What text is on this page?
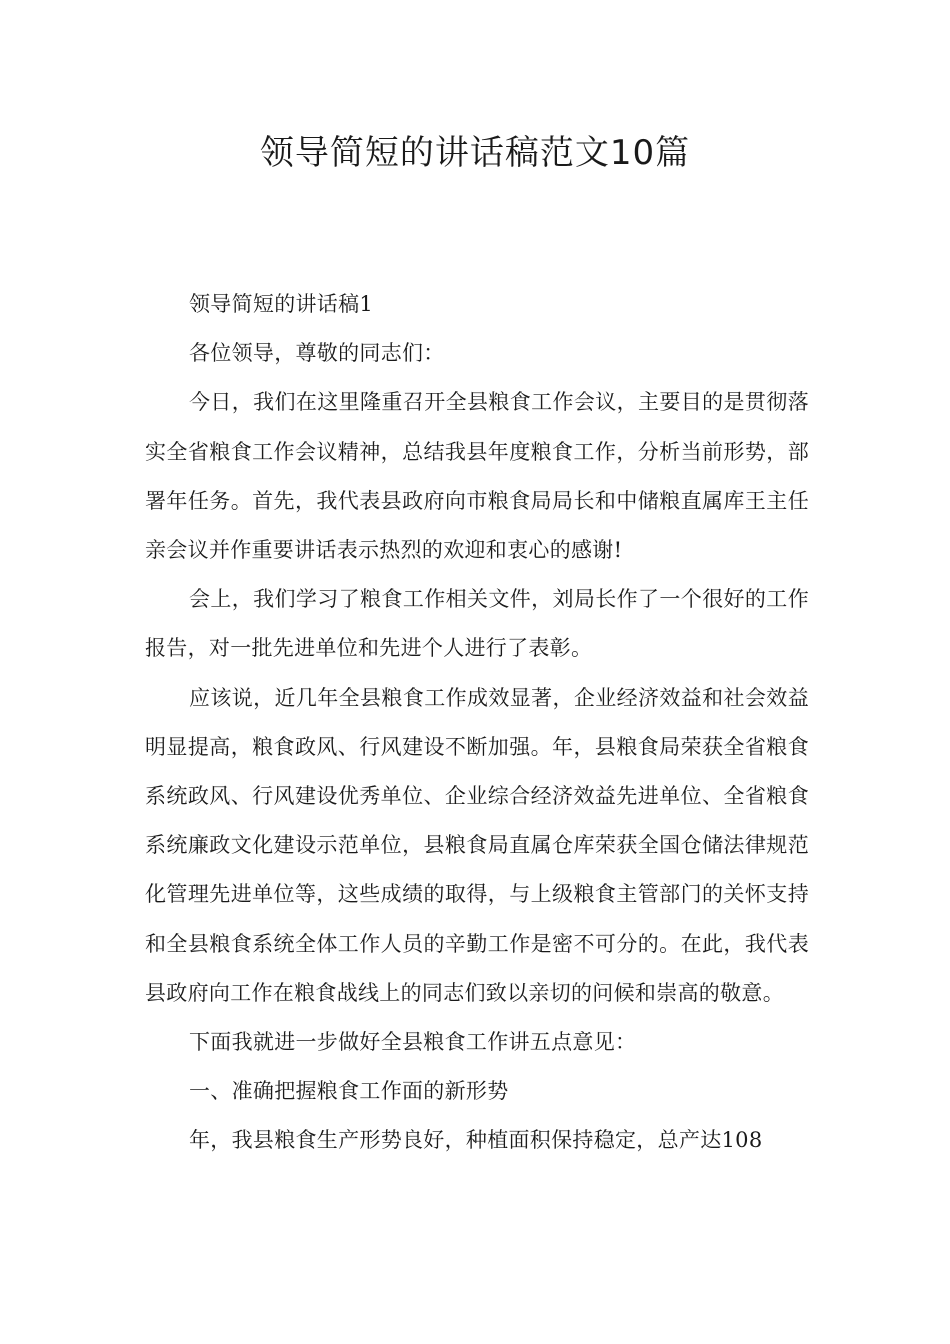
领导简短的讲话稿范文10篇

领导简短的讲话稿1

各位领导，尊敬的同志们：

今日，我们在这里隆重召开全县粮食工作会议，主要目的是贯彻落实全省粮食工作会议精神，总结我县年度粮食工作，分析当前形势，部署年任务。首先，我代表县政府向市粮食局局长和中储粮直属库王主任亲会议并作重要讲话表示热烈的欢迎和衷心的感谢!

会上，我们学习了粮食工作相关文件，刘局长作了一个很好的工作报告，对一批先进单位和先进个人进行了表彰。

应该说，近几年全县粮食工作成效显著，企业经济效益和社会效益明显提高，粮食政风、行风建设不断加强。年，县粮食局荣获全省粮食系统政风、行风建设优秀单位、企业综合经济效益先进单位、全省粮食系统廉政文化建设示范单位，县粮食局直属仓库荣获全国仓储法律规范化管理先进单位等，这些成绩的取得，与上级粮食主管部门的关怀支持和全县粮食系统全体工作人员的辛勤工作是密不可分的。在此，我代表县政府向工作在粮食战线上的同志们致以亲切的问候和崇高的敬意。

下面我就进一步做好全县粮食工作讲五点意见：

一、准确把握粮食工作面的新形势

年，我县粮食生产形势良好，种植面积保持稳定，总产达108
